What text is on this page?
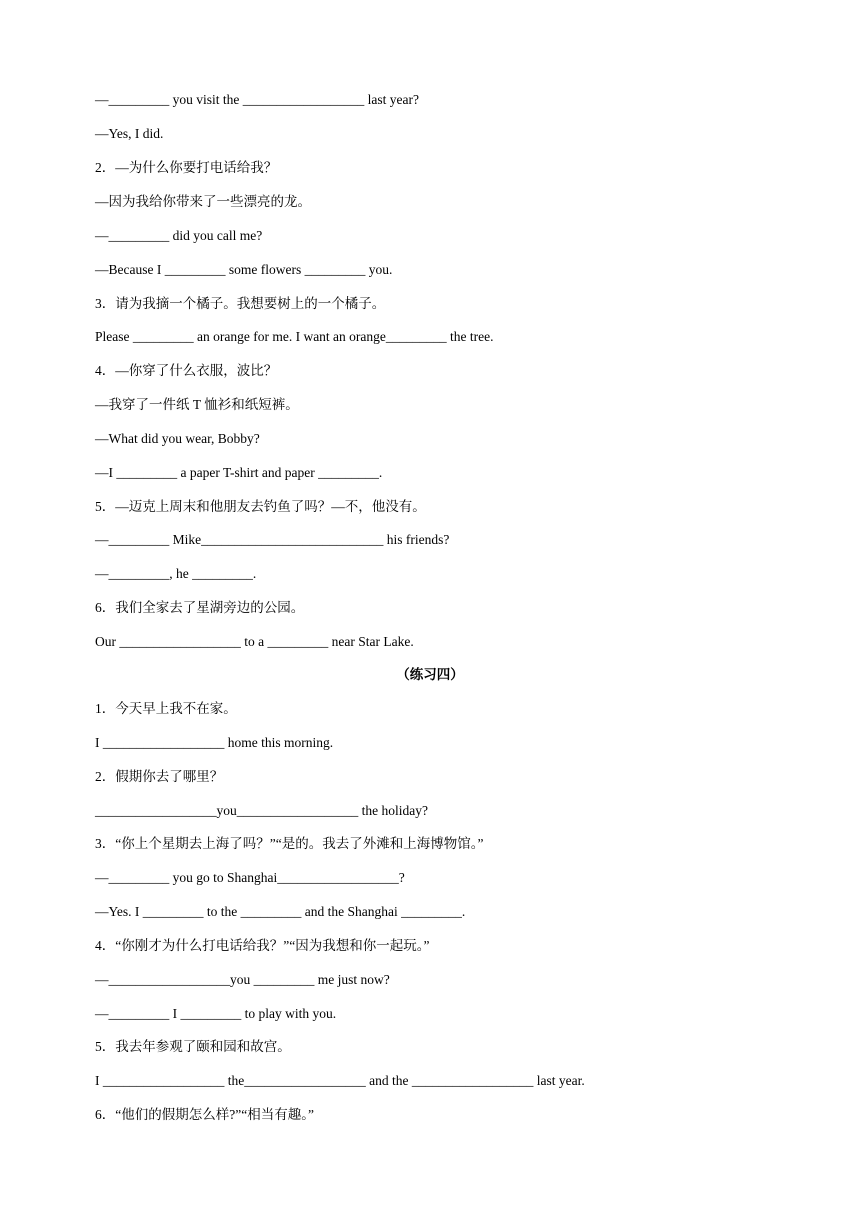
—_________ you visit the __________________ last year?
—Yes, I did.
2．—为什么你要打电话给我？
—因为我给你带来了一些漂亮的龙。
—_________ did you call me?
—Because I _________ some flowers _________ you.
3．请为我摘一个橘子。我想要树上的一个橘子。
Please _________ an orange for me. I want an orange_________ the tree.
4．—你穿了什么衣服，波比？
—我穿了一件纸 T 恤衫和纸短裤。
—What did you wear, Bobby?
—I _________ a paper T-shirt and paper _________.
5．—迈克上周末和他朋友去钓鱼了吗？—不，他没有。
—_________ Mike___________________________ his friends?
—_________, he _________.
6．我们全家去了星湖旁边的公园。
Our __________________ to a _________ near Star Lake.
（练习四）
1．今天早上我不在家。
I __________________ home this morning.
2．假期你去了哪里？
__________________you__________________ the holiday?
3．“你上个星期去上海了吗？”“是的。我去了外滩和上海博物馆。”
—_________ you go to Shanghai__________________?
—Yes. I _________ to the _________ and the Shanghai _________.
4．“你刚才为什么打电话给我？”“因为我想和你一起玩。”
—__________________you _________ me just now?
—_________ I _________ to play with you.
5．我去年参观了颐和园和故宫。
I __________________ the__________________ and the __________________ last year.
6．“他们的假期怎么样?”“相当有趣。”
